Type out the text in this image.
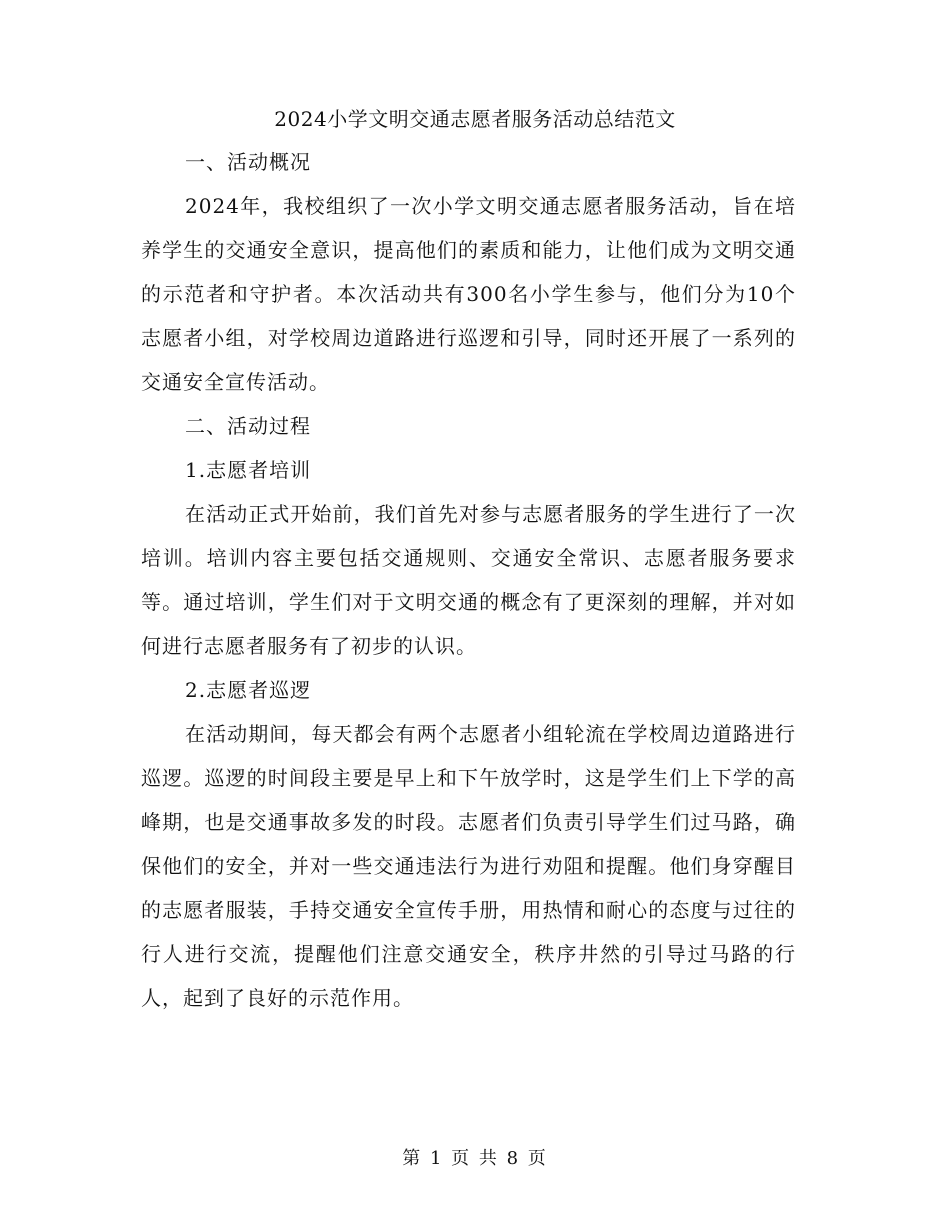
2024小学文明交通志愿者服务活动总结范文

一、活动概况

2024年，我校组织了一次小学文明交通志愿者服务活动，旨在培养学生的交通安全意识，提高他们的素质和能力，让他们成为文明交通的示范者和守护者。本次活动共有300名小学生参与，他们分为10个志愿者小组，对学校周边道路进行巡逻和引导，同时还开展了一系列的交通安全宣传活动。

二、活动过程

1.志愿者培训

在活动正式开始前，我们首先对参与志愿者服务的学生进行了一次培训。培训内容主要包括交通规则、交通安全常识、志愿者服务要求等。通过培训，学生们对于文明交通的概念有了更深刻的理解，并对如何进行志愿者服务有了初步的认识。

2.志愿者巡逻

在活动期间，每天都会有两个志愿者小组轮流在学校周边道路进行巡逻。巡逻的时间段主要是早上和下午放学时，这是学生们上下学的高峰期，也是交通事故多发的时段。志愿者们负责引导学生们过马路，确保他们的安全，并对一些交通违法行为进行劝阻和提醒。他们身穿醒目的志愿者服装，手持交通安全宣传手册，用热情和耐心的态度与过往的行人进行交流，提醒他们注意交通安全，秩序井然的引导过马路的行人，起到了良好的示范作用。

第 1 页 共 8 页
